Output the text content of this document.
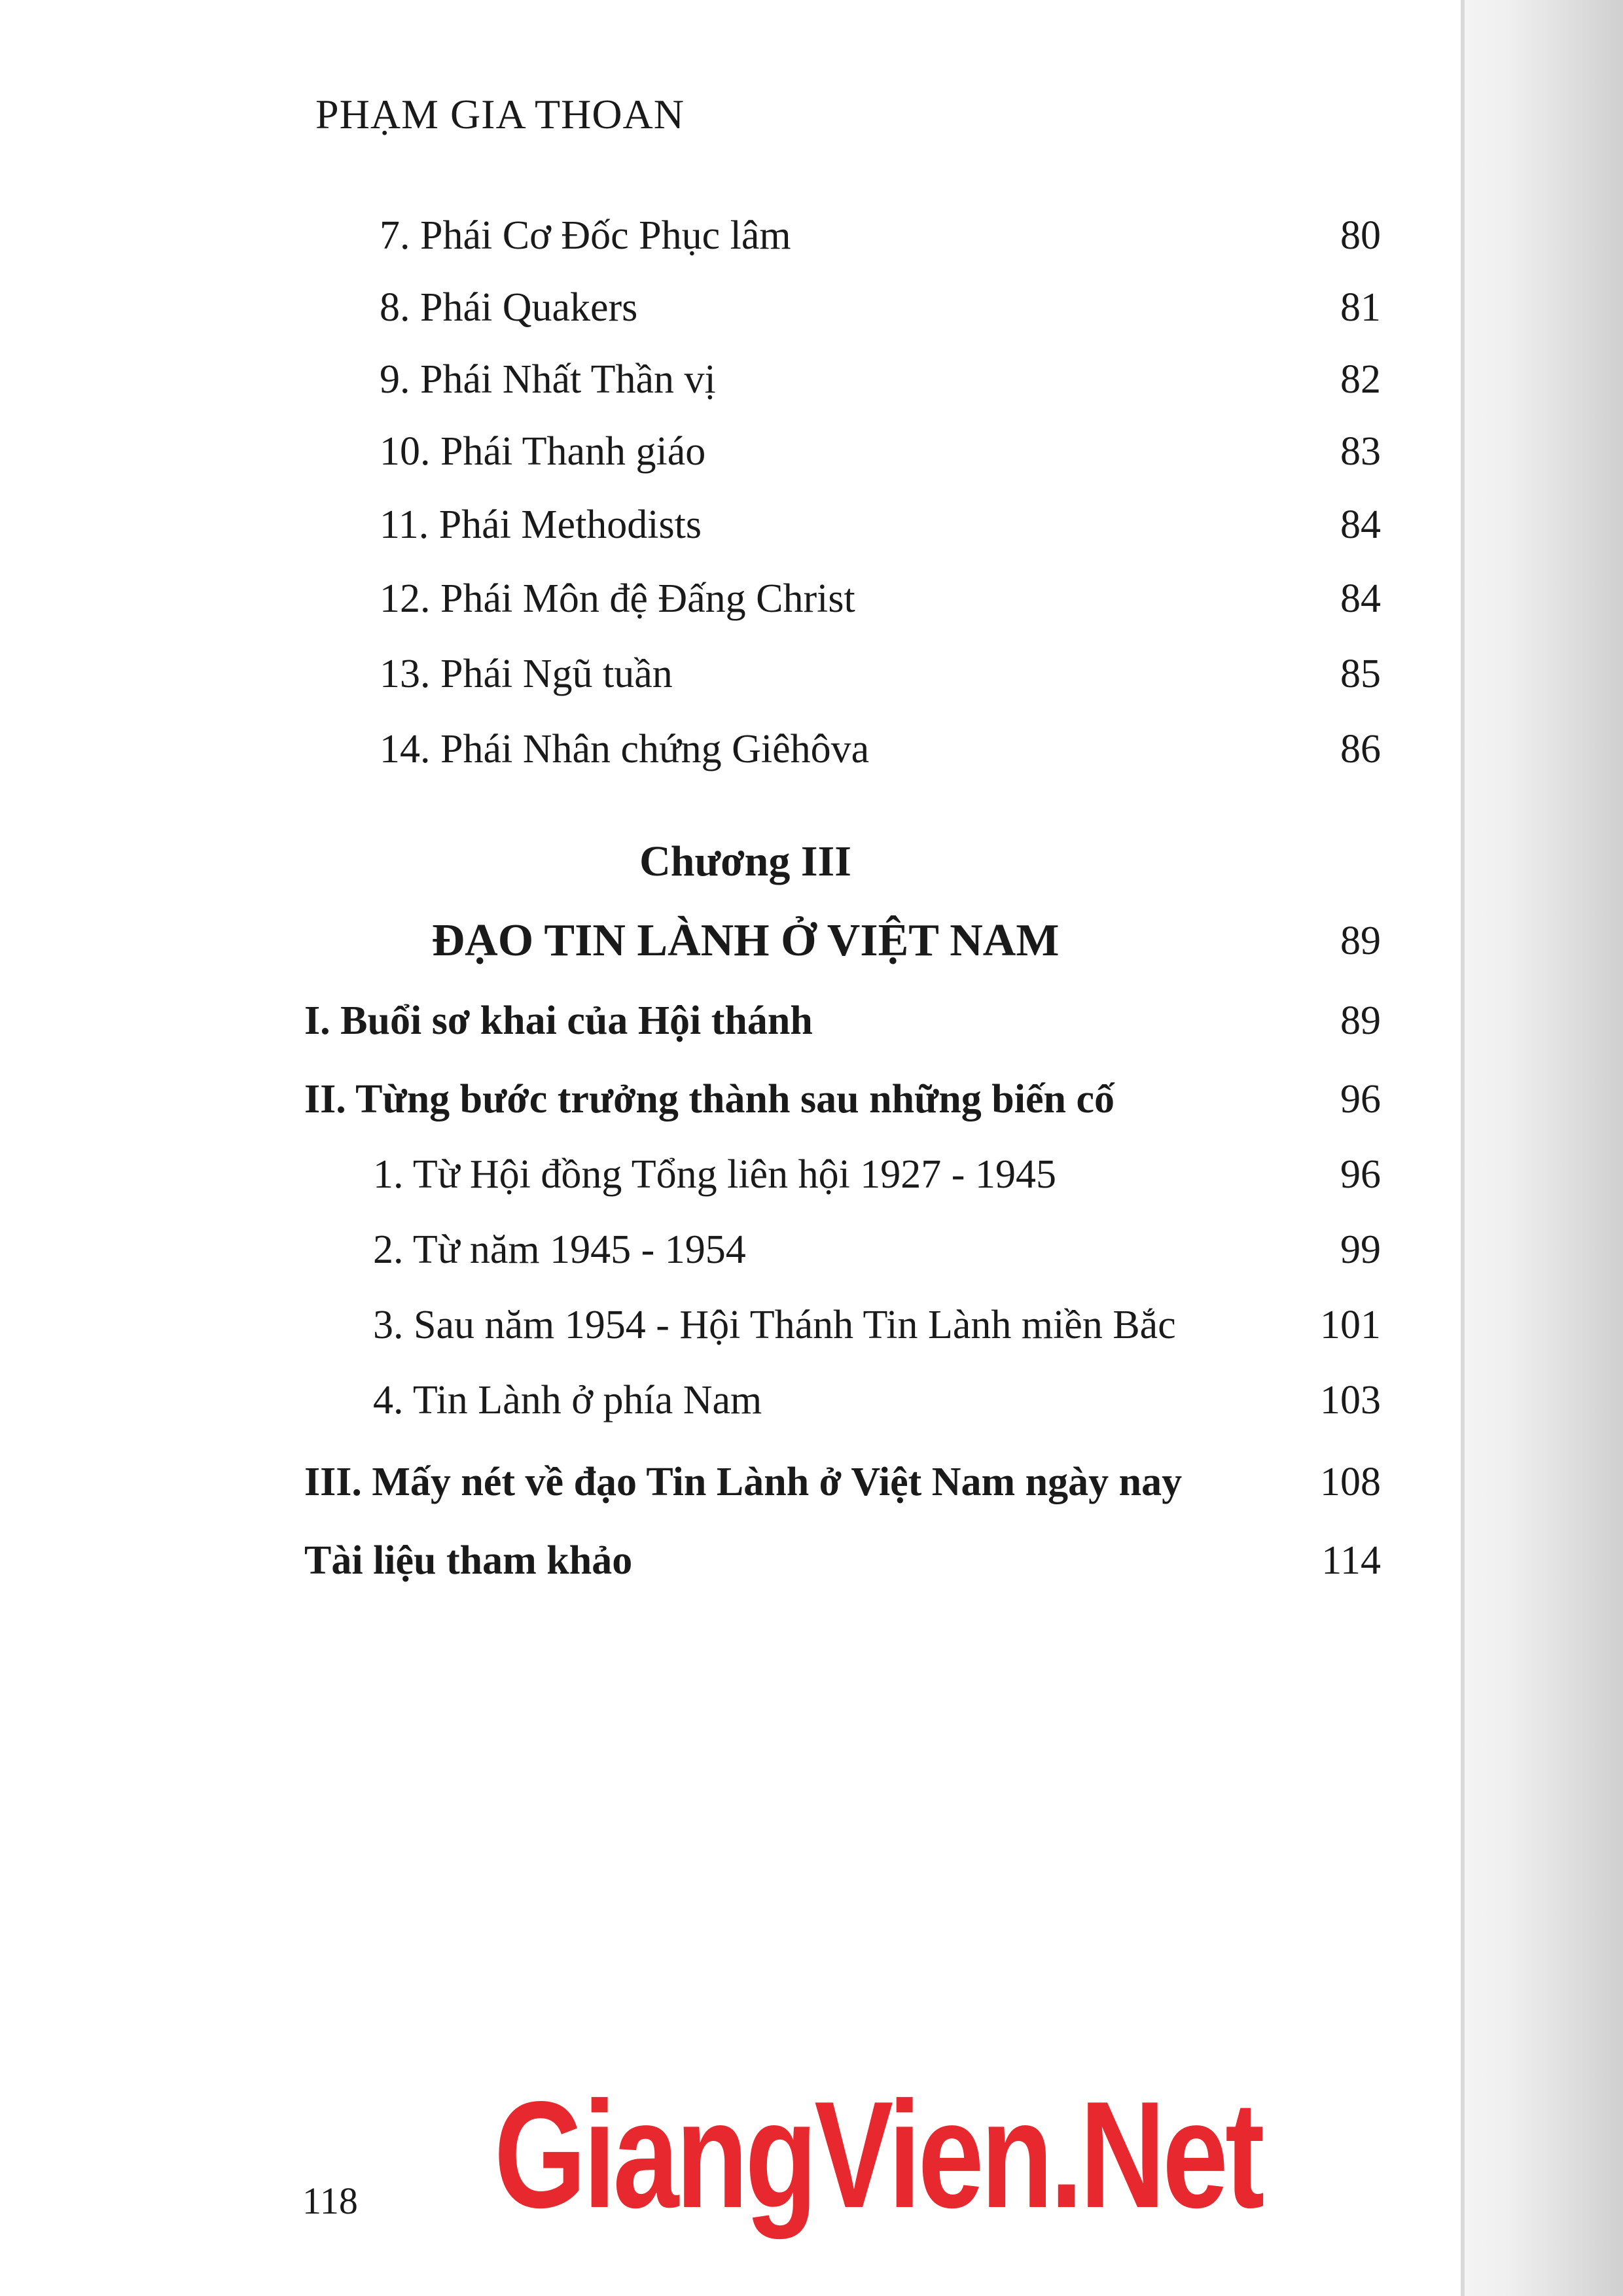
PHẠM GIA THOAN
7. Phái Cơ Đốc Phục lâm	80
8. Phái Quakers	81
9. Phái Nhất Thần vị	82
10. Phái Thanh giáo	83
11. Phái Methodists	84
12. Phái Môn đệ Đấng Christ	84
13. Phái Ngũ tuần	85
14. Phái Nhân chứng Giêhôva	86
Chương III
ĐẠO TIN LÀNH Ở VIỆT NAM	89
I. Buổi sơ khai của Hội thánh	89
II. Từng bước trưởng thành sau những biến cố	96
1. Từ Hội đồng Tổng liên hội 1927 - 1945	96
2. Từ năm 1945 - 1954	99
3. Sau năm 1954 - Hội Thánh Tin Lành miền Bắc	101
4. Tin Lành ở phía Nam	103
III. Mấy nét về đạo Tin Lành ở Việt Nam ngày nay	108
Tài liệu tham khảo	114
118 GiangVien.Net
